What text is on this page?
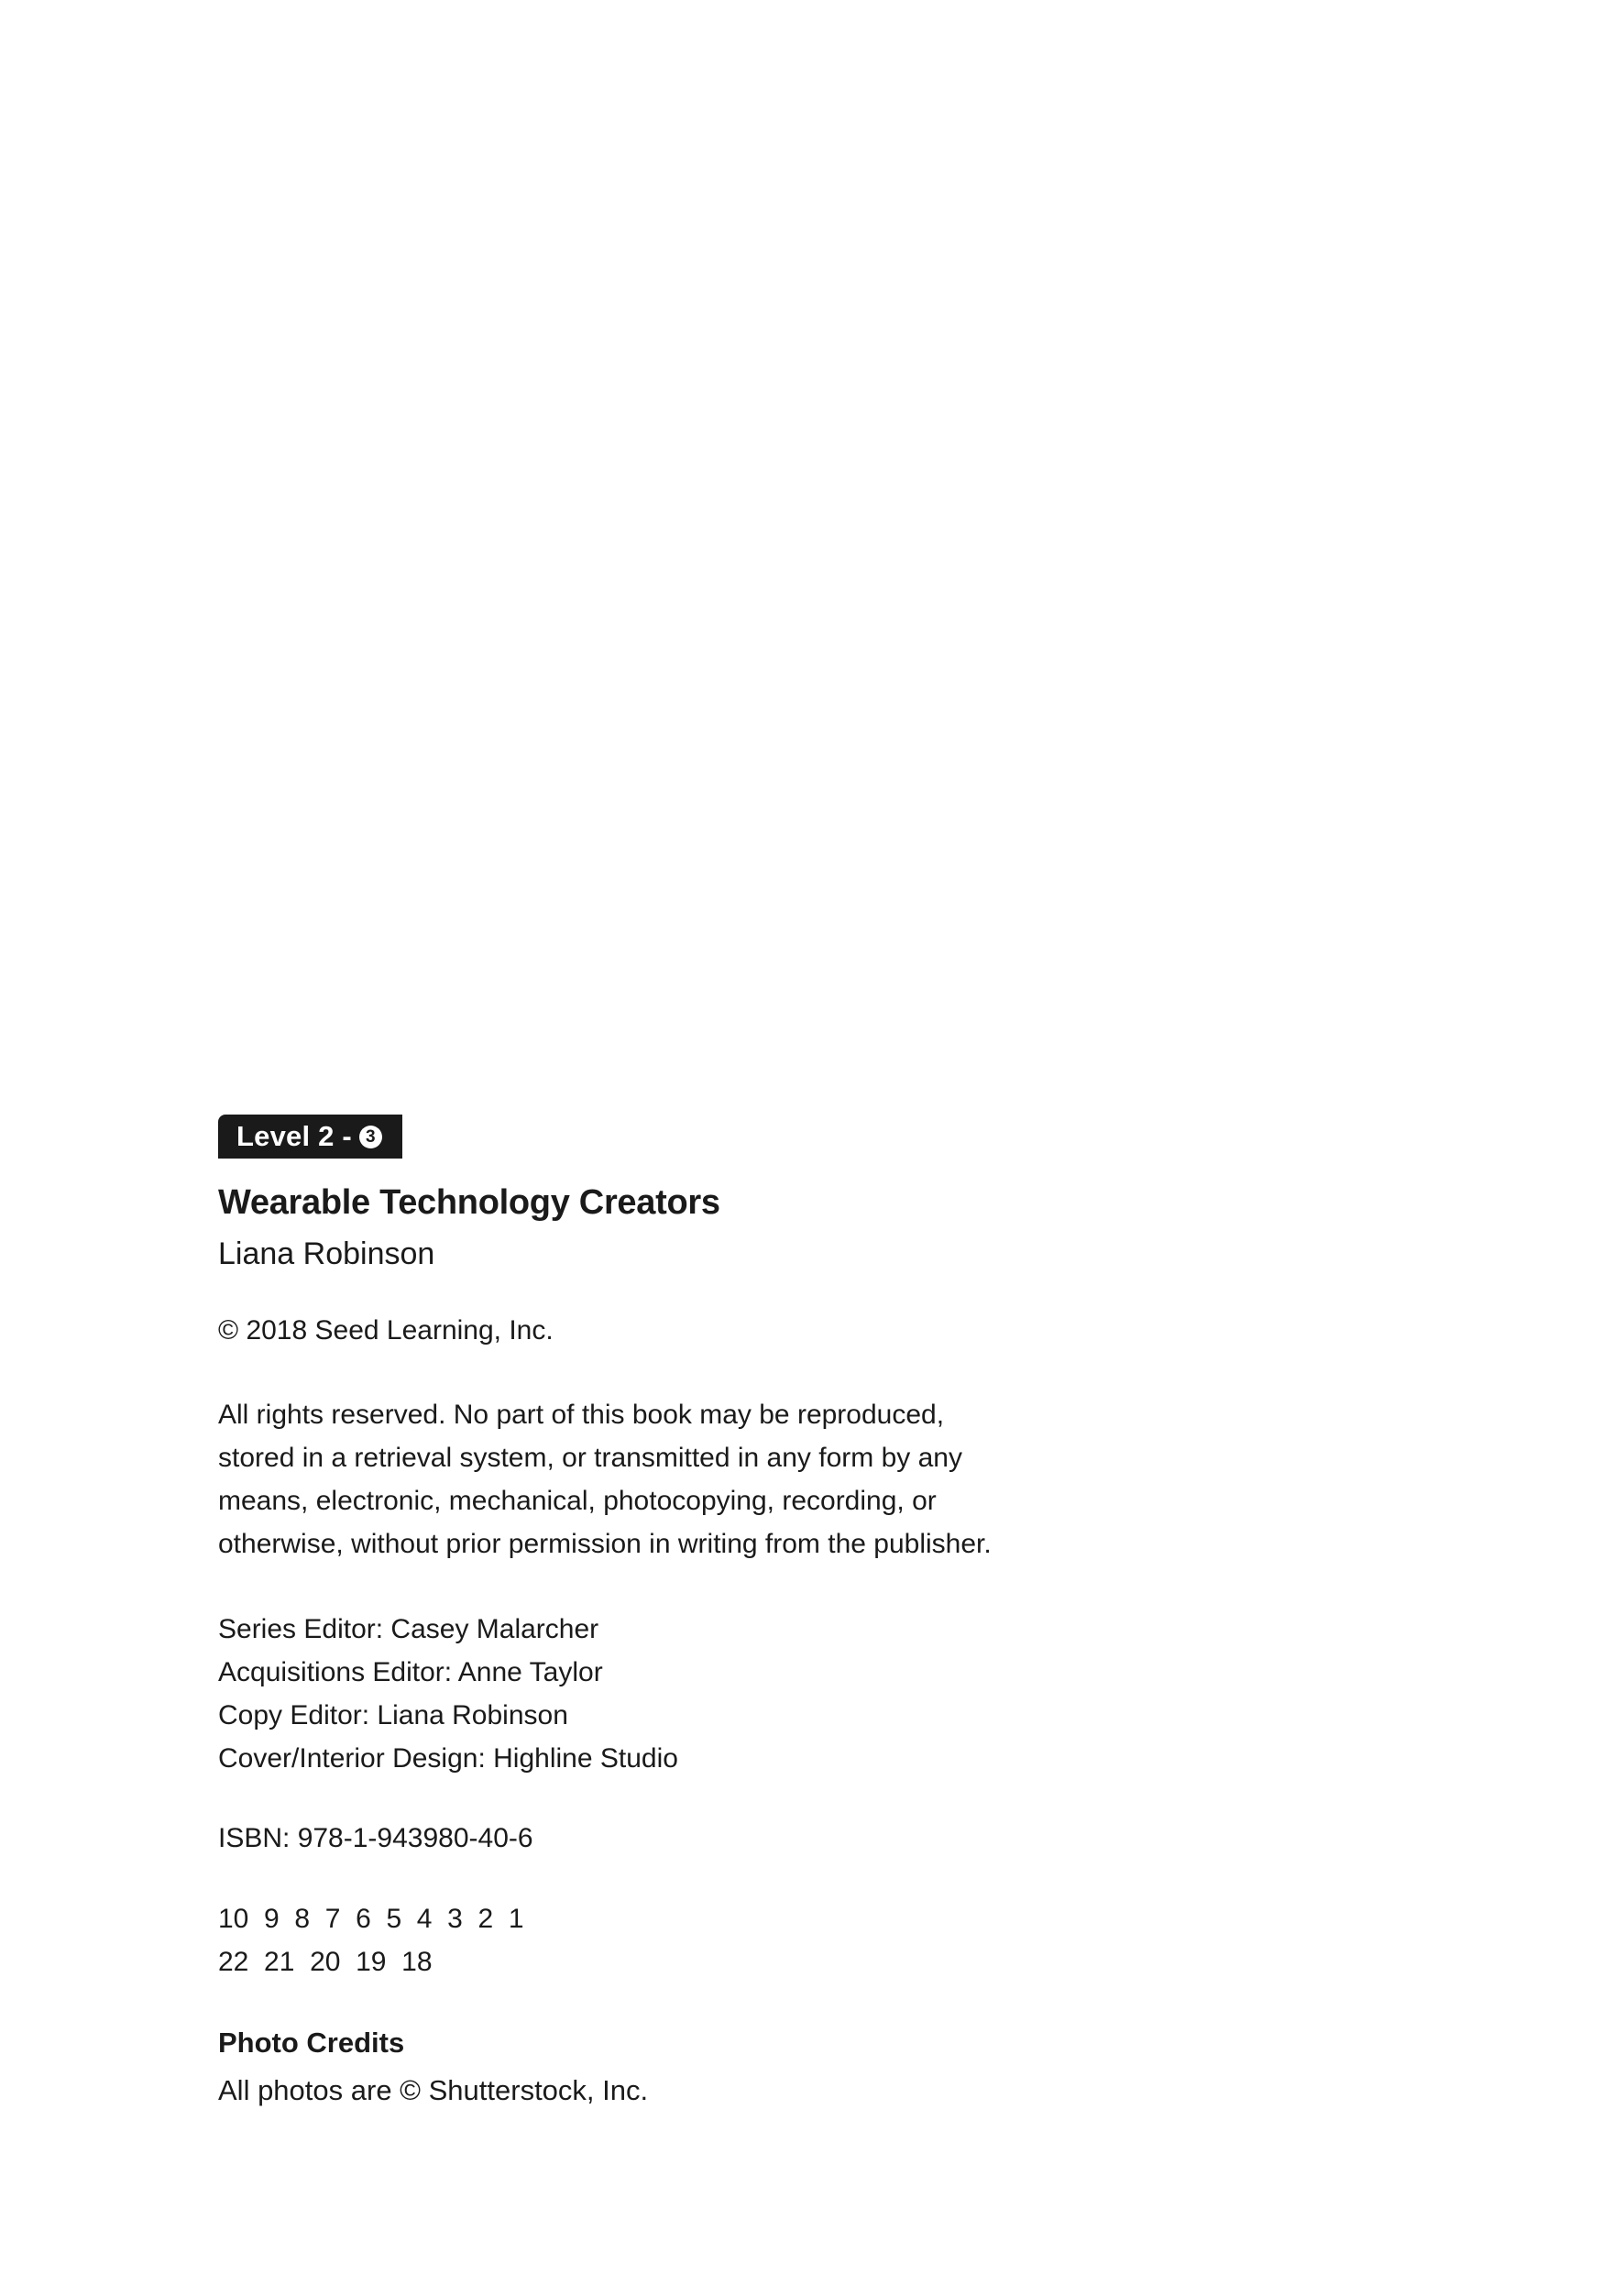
Level 2 - 3
Wearable Technology Creators
Liana Robinson
© 2018 Seed Learning, Inc.
All rights reserved. No part of this book may be reproduced,
stored in a retrieval system, or transmitted in any form by any
means, electronic, mechanical, photocopying, recording, or
otherwise, without prior permission in writing from the publisher.
Series Editor: Casey Malarcher
Acquisitions Editor: Anne Taylor
Copy Editor: Liana Robinson
Cover/Interior Design: Highline Studio
ISBN: 978-1-943980-40-6
10  9  8  7  6  5  4  3  2  1
22  21  20  19  18
Photo Credits
All photos are © Shutterstock, Inc.
